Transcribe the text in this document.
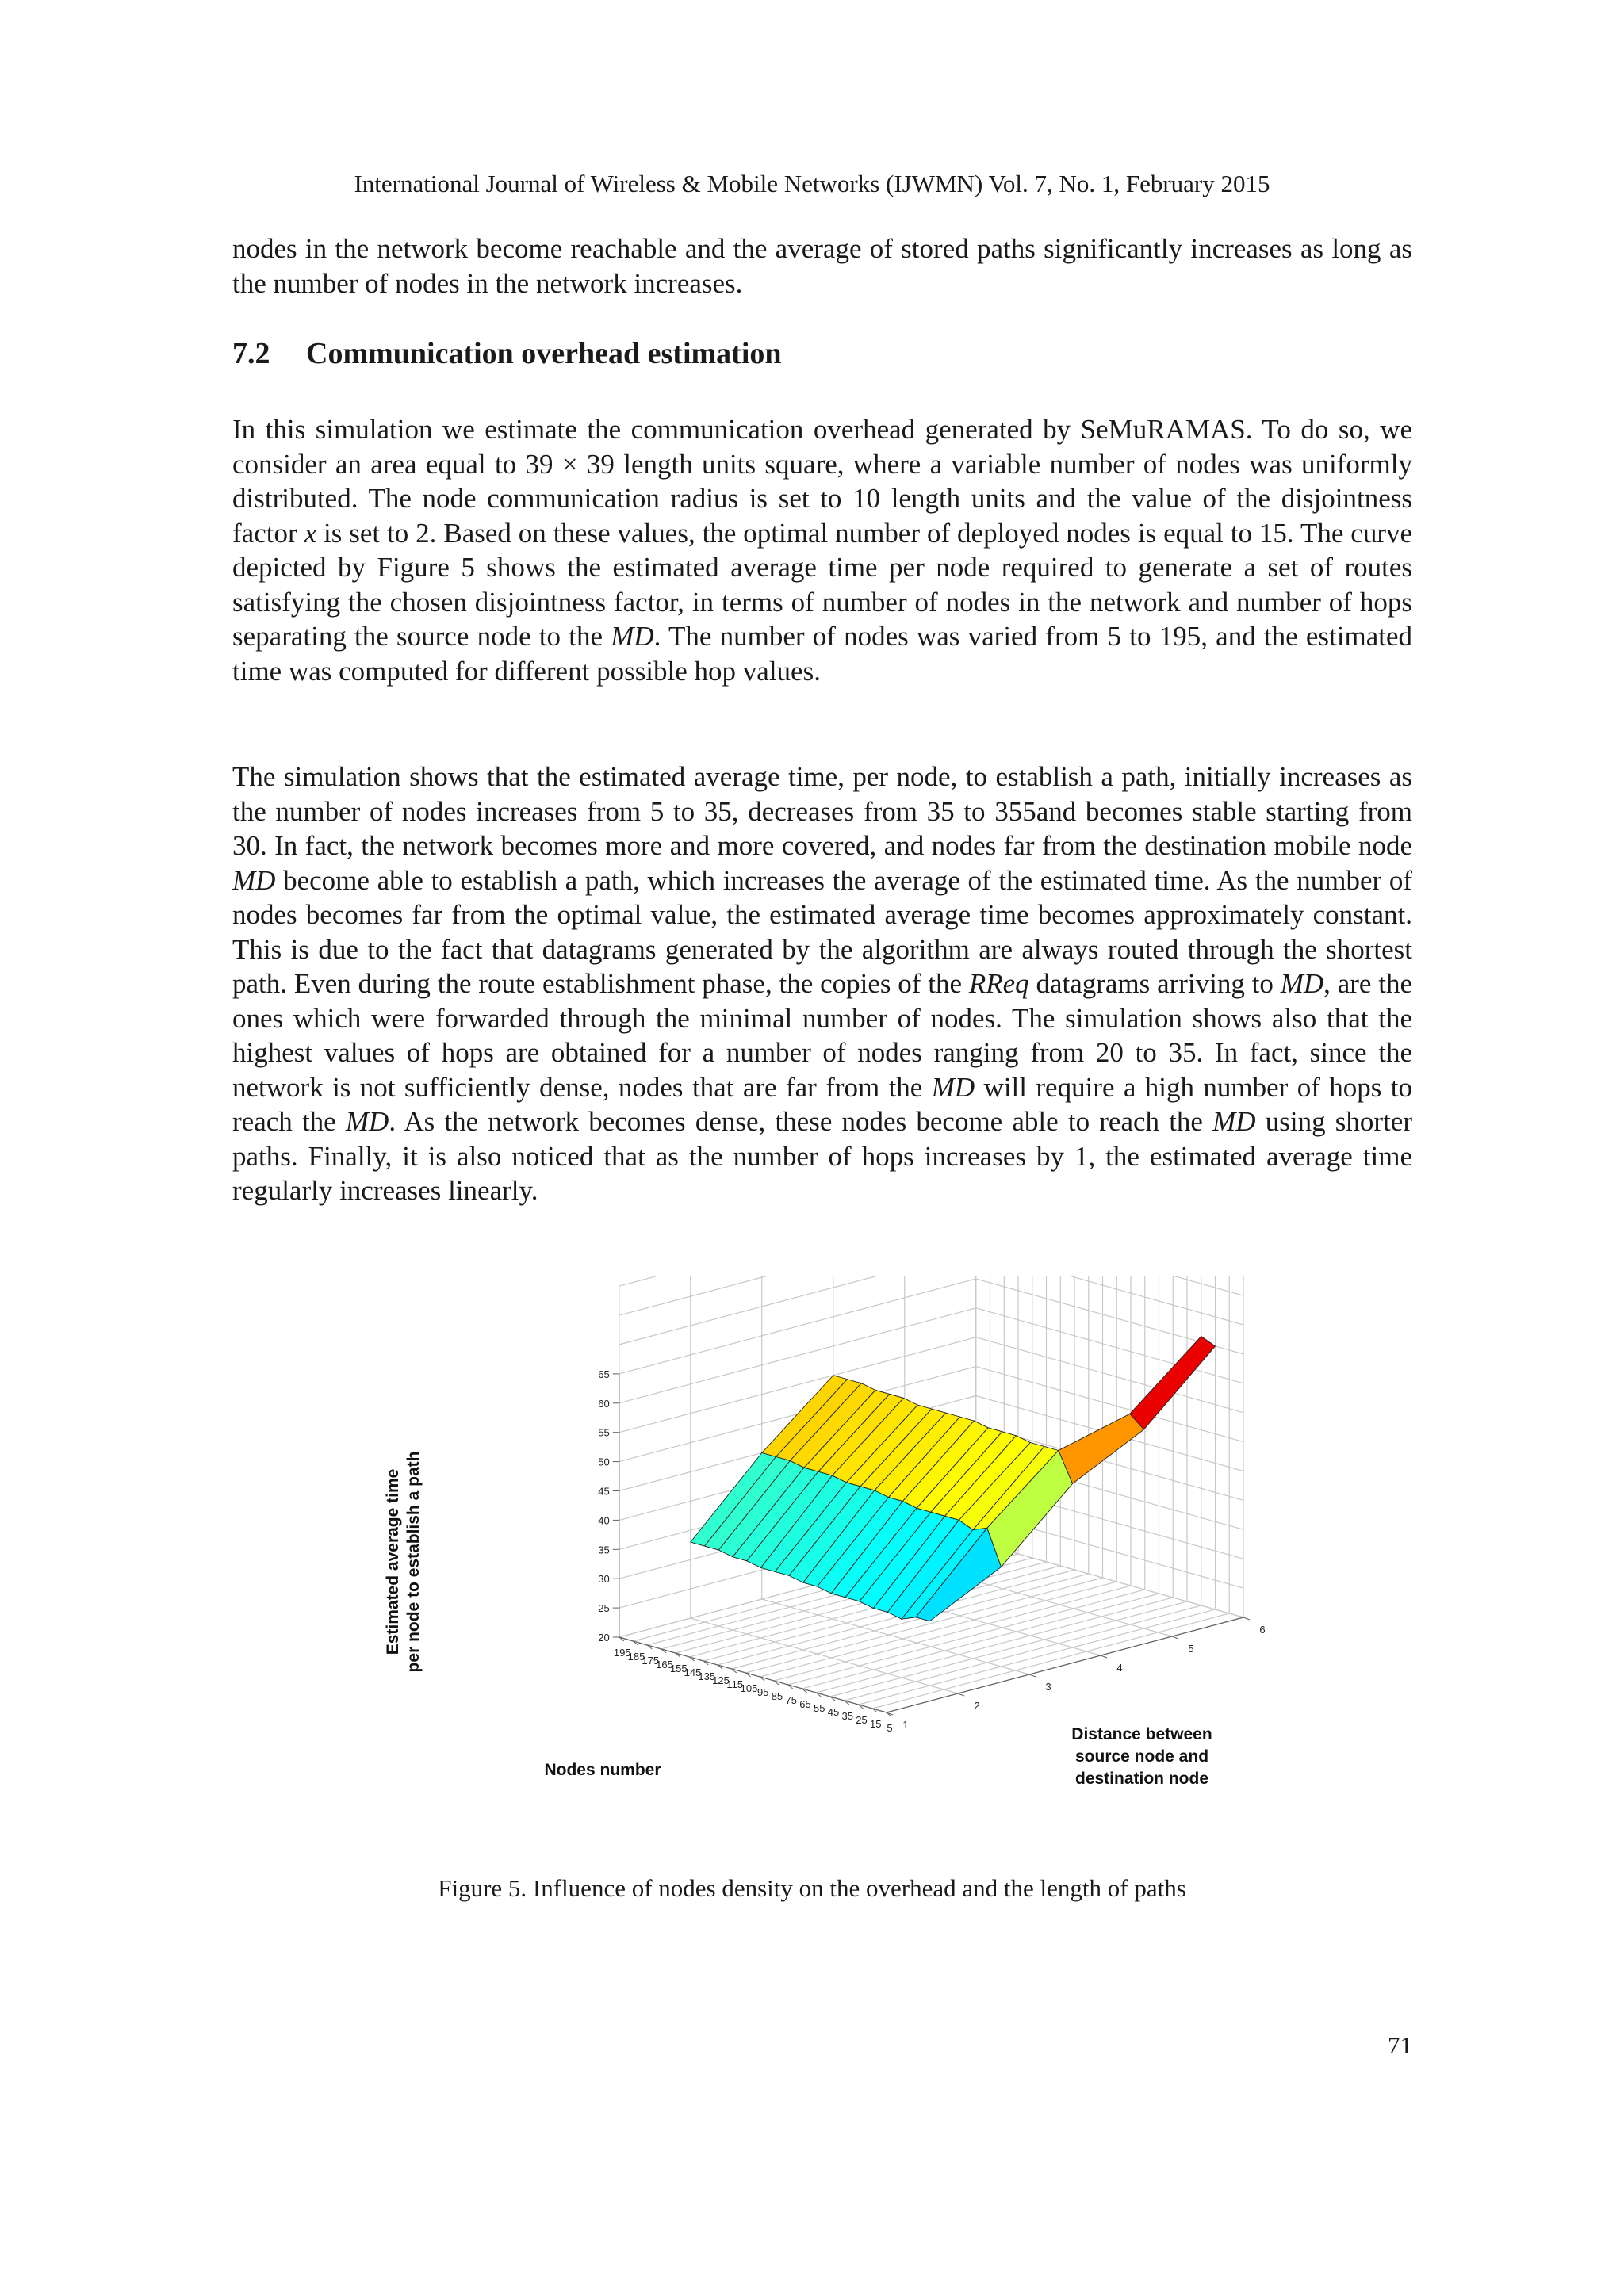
International Journal of Wireless & Mobile Networks (IJWMN) Vol. 7, No. 1, February 2015

nodes in the network become reachable and the average of stored paths significantly increases as long as the number of nodes in the network increases.

7.2 Communication overhead estimation

In this simulation we estimate the communication overhead generated by SeMuRAMAS. To do so, we consider an area equal to 39 × 39 length units square, where a variable number of nodes was uniformly distributed. The node communication radius is set to 10 length units and the value of the disjointness factor x is set to 2. Based on these values, the optimal number of deployed nodes is equal to 15. The curve depicted by Figure 5 shows the estimated average time per node required to generate a set of routes satisfying the chosen disjointness factor, in terms of number of nodes in the network and number of hops separating the source node to the MD. The number of nodes was varied from 5 to 195, and the estimated time was computed for different possible hop values.

The simulation shows that the estimated average time, per node, to establish a path, initially increases as the number of nodes increases from 5 to 35, decreases from 35 to 355and becomes stable starting from 30. In fact, the network becomes more and more covered, and nodes far from the destination mobile node MD become able to establish a path, which increases the average of the estimated time. As the number of nodes becomes far from the optimal value, the estimated average time becomes approximately constant. This is due to the fact that datagrams generated by the algorithm are always routed through the shortest path. Even during the route establishment phase, the copies of the RReq datagrams arriving to MD, are the ones which were forwarded through the minimal number of nodes. The simulation shows also that the highest values of hops are obtained for a number of nodes ranging from 20 to 35. In fact, since the network is not sufficiently dense, nodes that are far from the MD will require a high number of hops to reach the MD. As the network becomes dense, these nodes become able to reach the MD using shorter paths. Finally, it is also noticed that as the number of hops increases by 1, the estimated average time regularly increases linearly.

195
185
175
165
155
145
135
125
115
105 95 85 75 65 55 45 35 25 15 5 1
2
3
4
5
6
20
25
30
35
40
45
50
55
60
65
Nodes number
Distance between
source node and
destination node
Estimated average time per node to establish a path
Figure 5. Influence of nodes density on the overhead and the length of paths
71
